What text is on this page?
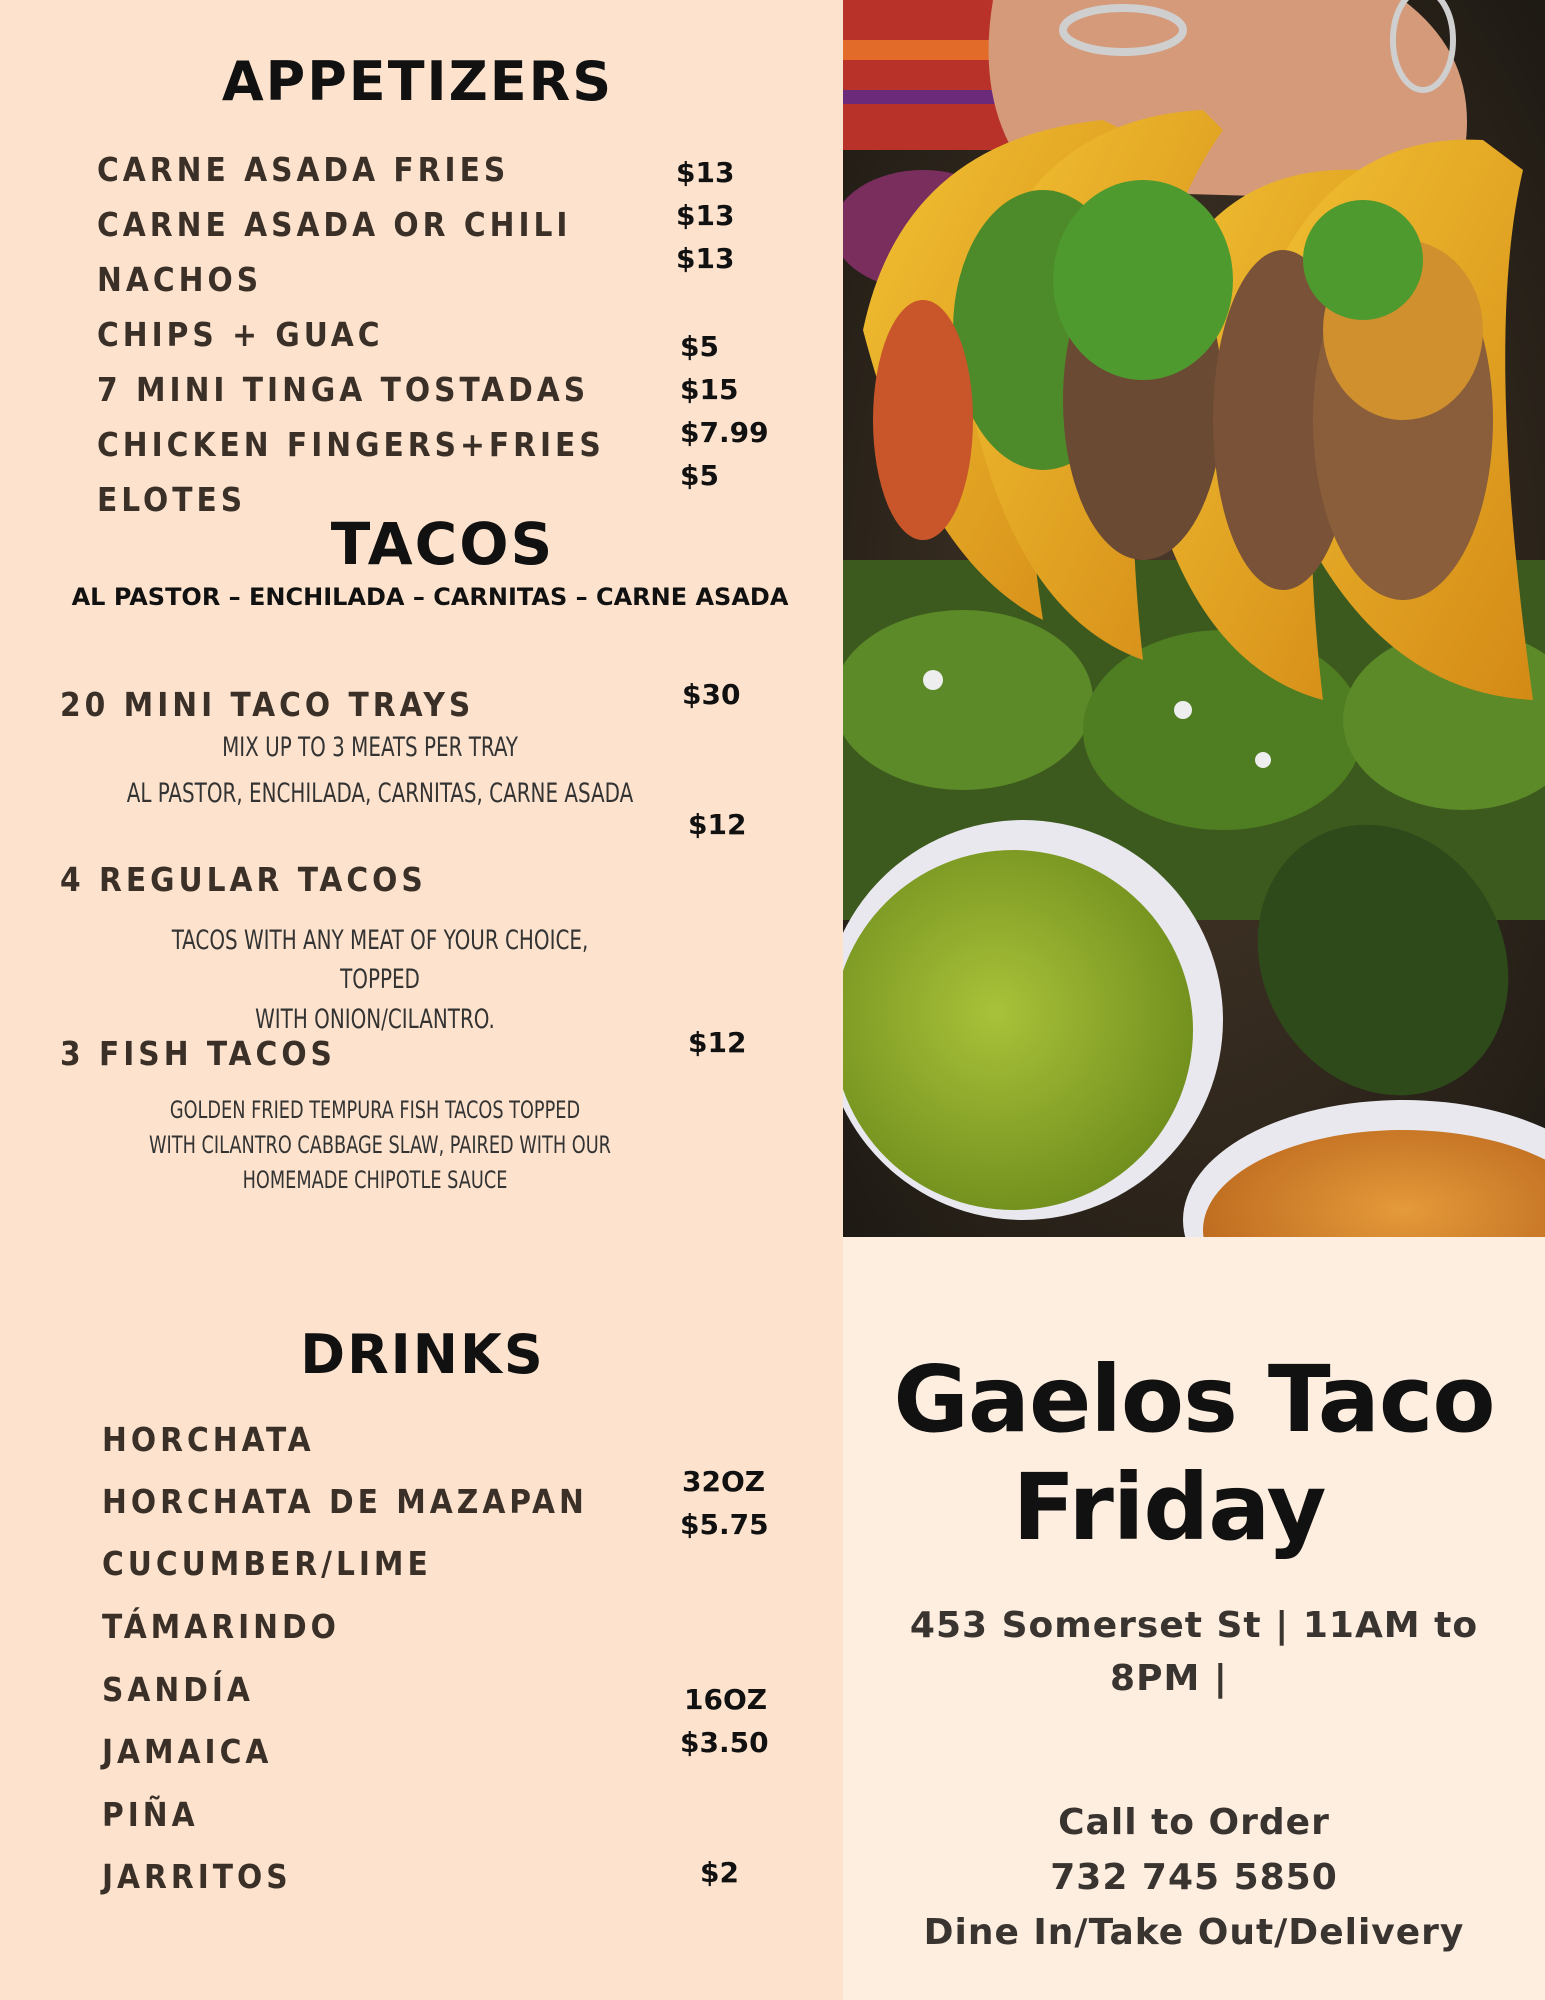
APPETIZERS
CARNE ASADA FRIES
CARNE ASADA OR CHILI
NACHOS
CHIPS + GUAC
7 MINI TINGA TOSTADAS
CHICKEN FINGERS+FRIES
ELOTES
$13
$13
$13
$5
$15
$7.99
$5
TACOS
AL PASTOR – ENCHILADA – CARNITAS – CARNE ASADA
20 MINI TACO TRAYS	$30
MIX UP TO 3 MEATS PER TRAY
AL PASTOR, ENCHILADA, CARNITAS, CARNE ASADA
$12
4 REGULAR TACOS
TACOS WITH ANY MEAT OF YOUR CHOICE,
TOPPED
WITH ONION/CILANTRO.
3 FISH TACOS	$12
GOLDEN FRIED TEMPURA FISH TACOS TOPPED
WITH CILANTRO CABBAGE SLAW, PAIRED WITH OUR
HOMEMADE CHIPOTLE SAUCE
DRINKS
HORCHATA
HORCHATA DE MAZAPAN
CUCUMBER/LIME
TÁMARINDO
SANDÍA
JAMAICA
PIÑA
JARRITOS
32OZ
$5.75
16OZ
$3.50
$2
Gaelos Taco
Friday
453 Somerset St | 11AM to
8PM |
Call to Order
732 745 5850
Dine In/Take Out/Delivery
